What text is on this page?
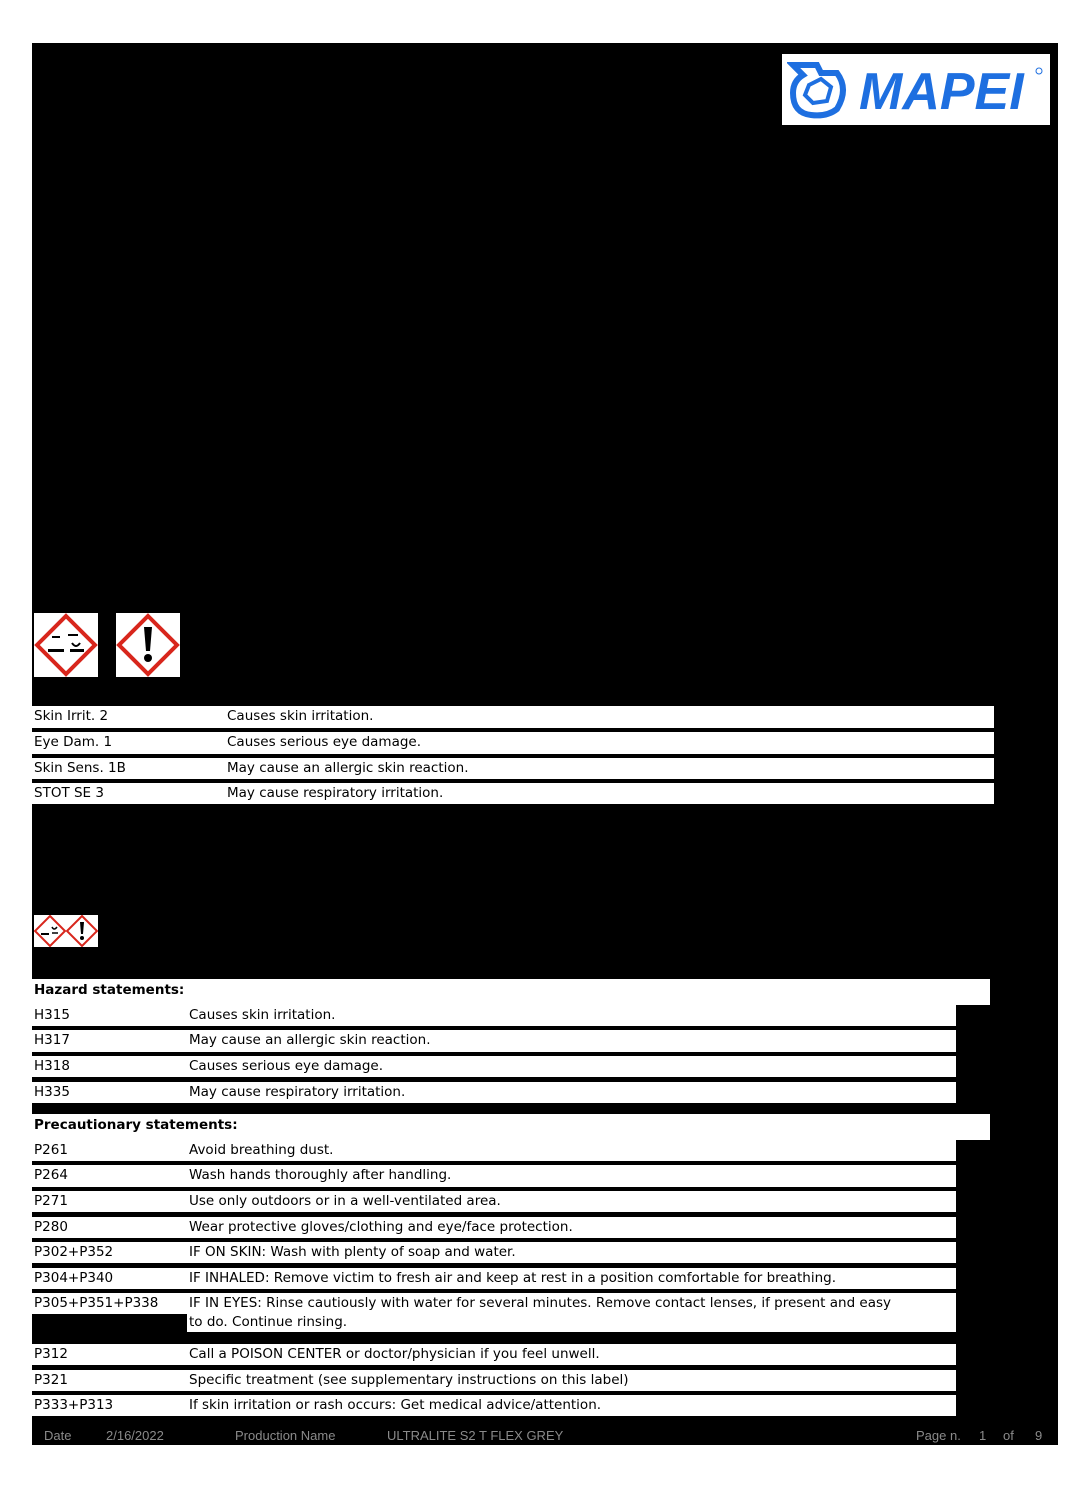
MAPEI
Skin Irrit. 2	Causes skin irritation.
Eye Dam. 1	Causes serious eye damage.
Skin Sens. 1B	May cause an allergic skin reaction.
STOT SE 3	May cause respiratory irritation.
Hazard statements:
H315	Causes skin irritation.
H317	May cause an allergic skin reaction.
H318	Causes serious eye damage.
H335	May cause respiratory irritation.
Precautionary statements:
P261	Avoid breathing dust.
P264	Wash hands thoroughly after handling.
P271	Use only outdoors or in a well-ventilated area.
P280	Wear protective gloves/clothing and eye/face protection.
P302+P352	IF ON SKIN: Wash with plenty of soap and water.
P304+P340	IF INHALED: Remove victim to fresh air and keep at rest in a position comfortable for breathing.
P305+P351+P338 IF IN EYES: Rinse cautiously with water for several minutes. Remove contact lenses, if present and easy
to do. Continue rinsing.
P312	Call a POISON CENTER or doctor/physician if you feel unwell.
P321	Specific treatment (see supplementary instructions on this label)
P333+P313	If skin irritation or rash occurs: Get medical advice/attention.
Date	2/16/2022	Production Name	ULTRALITE S2 T FLEX GREY	Page n. 1 of 9
